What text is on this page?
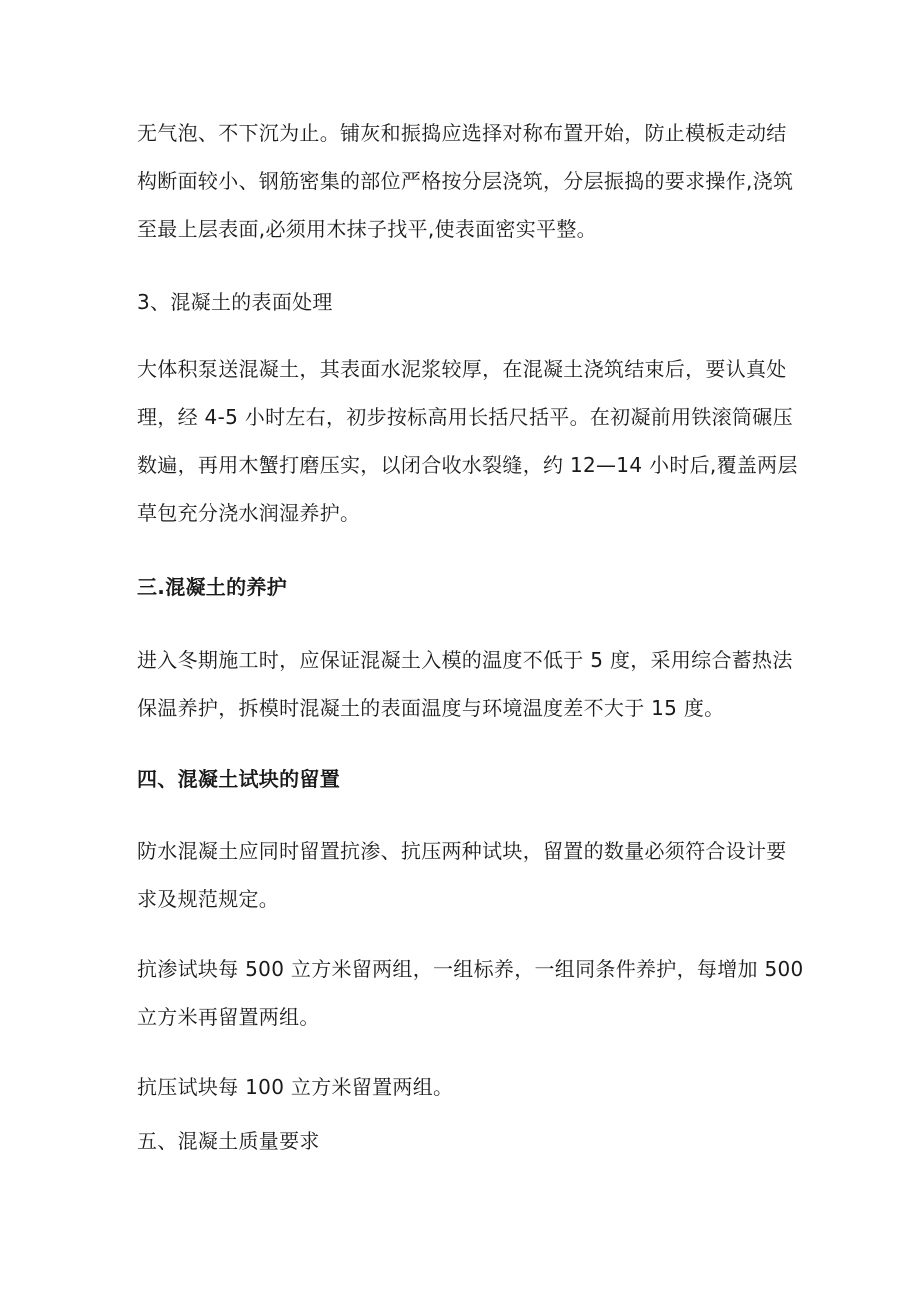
无气泡、不下沉为止。铺灰和振捣应选择对称布置开始，防止模板走动结
构断面较小、钢筋密集的部位严格按分层浇筑，分层振捣的要求操作,浇筑
至最上层表面,必须用木抹子找平,使表面密实平整。

3、混凝土的表面处理

大体积泵送混凝土，其表面水泥浆较厚，在混凝土浇筑结束后，要认真处
理，经 4-5 小时左右，初步按标高用长括尺括平。在初凝前用铁滚筒碾压
数遍，再用木蟹打磨压实，以闭合收水裂缝，约 12—14 小时后,覆盖两层
草包充分浇水润湿养护。

三.混凝土的养护

进入冬期施工时，应保证混凝土入模的温度不低于 5 度，采用综合蓄热法
保温养护，拆模时混凝土的表面温度与环境温度差不大于 15 度。

四、混凝土试块的留置

防水混凝土应同时留置抗渗、抗压两种试块，留置的数量必须符合设计要
求及规范规定。

抗渗试块每 500 立方米留两组，一组标养，一组同条件养护，每增加 500
立方米再留置两组。

抗压试块每 100 立方米留置两组。

五、混凝土质量要求
